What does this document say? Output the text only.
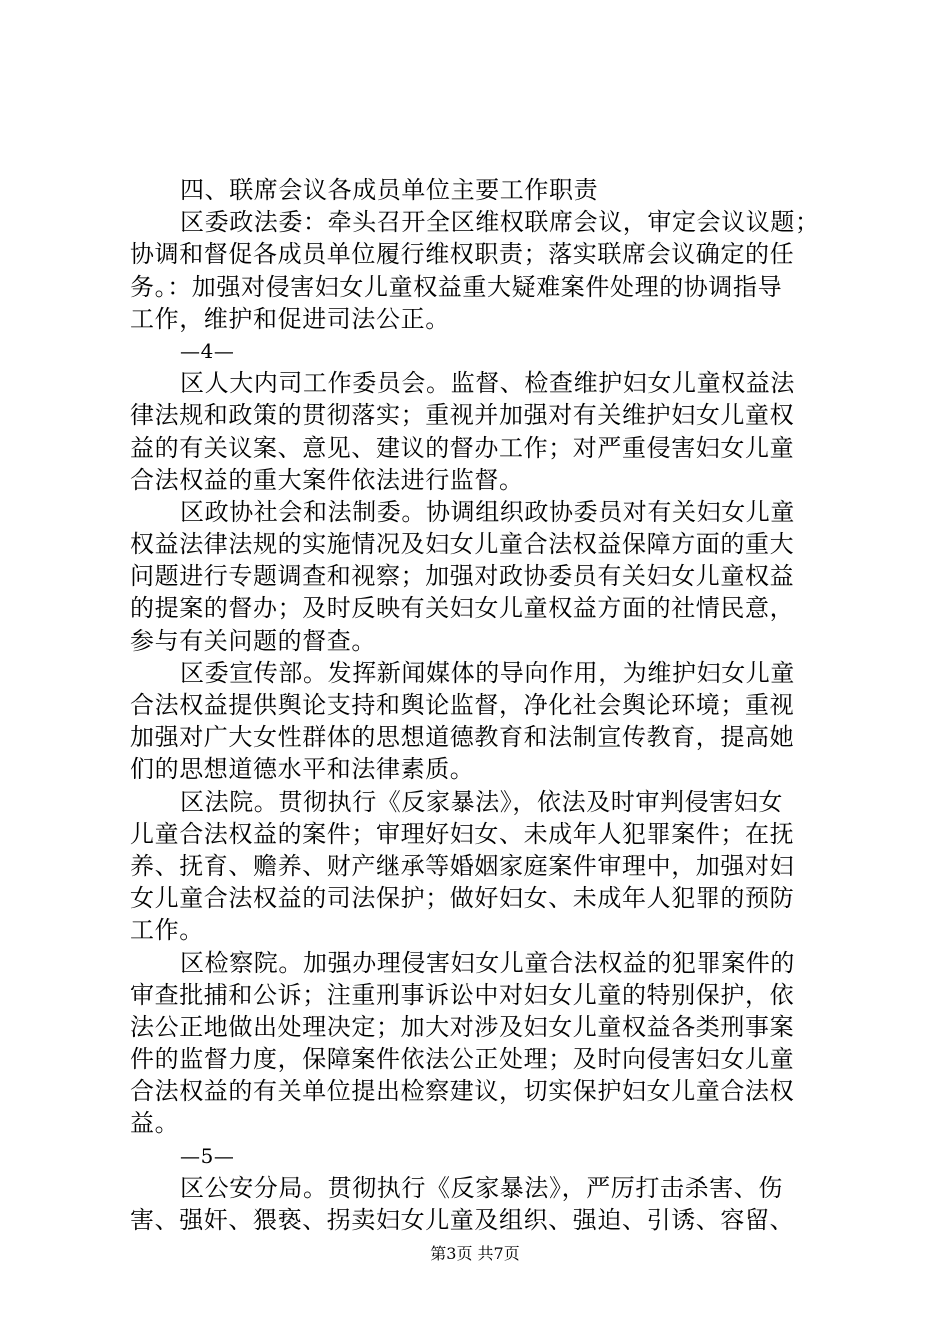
四、联席会议各成员单位主要工作职责
区委政法委：牵头召开全区维权联席会议，审定会议议题；
协调和督促各成员单位履行维权职责；落实联席会议确定的任
务。：加强对侵害妇女儿童权益重大疑难案件处理的协调指导
工作，维护和促进司法公正。
—4—
区人大内司工作委员会。监督、检查维护妇女儿童权益法
律法规和政策的贯彻落实；重视并加强对有关维护妇女儿童权
益的有关议案、意见、建议的督办工作；对严重侵害妇女儿童
合法权益的重大案件依法进行监督。
区政协社会和法制委。协调组织政协委员对有关妇女儿童
权益法律法规的实施情况及妇女儿童合法权益保障方面的重大
问题进行专题调查和视察；加强对政协委员有关妇女儿童权益
的提案的督办；及时反映有关妇女儿童权益方面的社情民意，
参与有关问题的督查。
区委宣传部。发挥新闻媒体的导向作用，为维护妇女儿童
合法权益提供舆论支持和舆论监督，净化社会舆论环境；重视
加强对广大女性群体的思想道德教育和法制宣传教育，提高她
们的思想道德水平和法律素质。
区法院。贯彻执行《反家暴法》，依法及时审判侵害妇女
儿童合法权益的案件；审理好妇女、未成年人犯罪案件；在抚
养、抚育、赡养、财产继承等婚姻家庭案件审理中，加强对妇
女儿童合法权益的司法保护；做好妇女、未成年人犯罪的预防
工作。
区检察院。加强办理侵害妇女儿童合法权益的犯罪案件的
审查批捕和公诉；注重刑事诉讼中对妇女儿童的特别保护，依
法公正地做出处理决定；加大对涉及妇女儿童权益各类刑事案
件的监督力度，保障案件依法公正处理；及时向侵害妇女儿童
合法权益的有关单位提出检察建议，切实保护妇女儿童合法权
益。
—5—
区公安分局。贯彻执行《反家暴法》，严厉打击杀害、伤
害、强奸、猥亵、拐卖妇女儿童及组织、强迫、引诱、容留、
第3页 共7页
